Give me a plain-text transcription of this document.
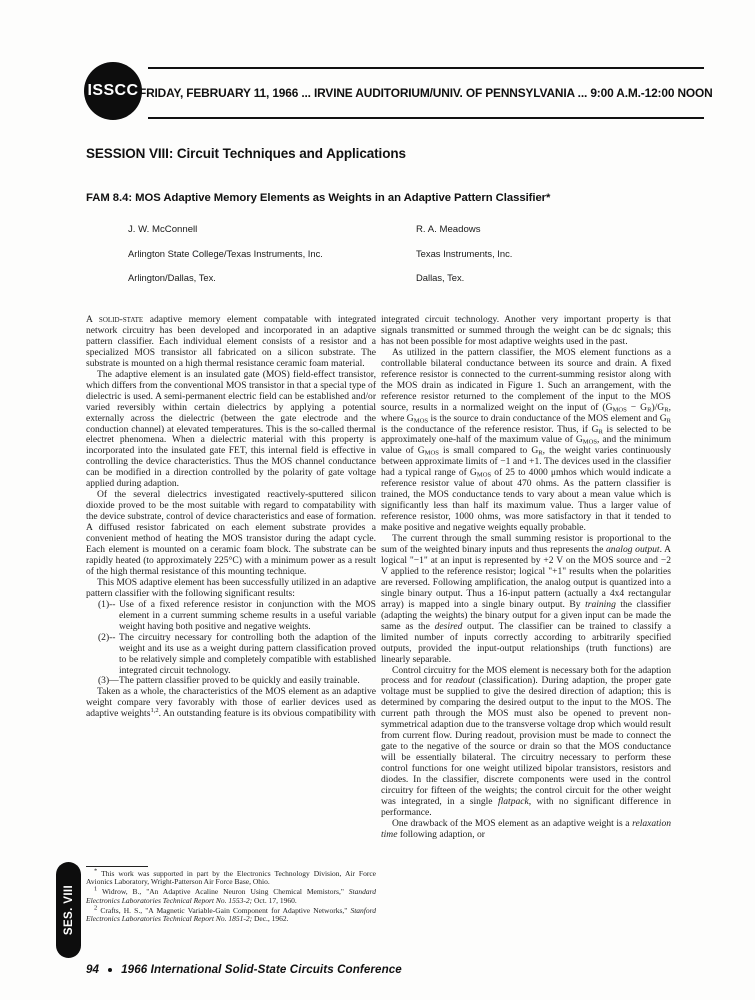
ISSCC FRIDAY, FEBRUARY 11, 1966 ... IRVINE AUDITORIUM/UNIV. OF PENNSYLVANIA ... 9:00 A.M.-12:00 NOON
SESSION VIII: Circuit Techniques and Applications
FAM 8.4: MOS Adaptive Memory Elements as Weights in an Adaptive Pattern Classifier*
J. W. McConnell
Arlington State College/Texas Instruments, Inc.
Arlington/Dallas, Tex.
R. A. Meadows
Texas Instruments, Inc.
Dallas, Tex.

A solid-state adaptive memory element compatable with integrated network circuitry has been developed and incorporated in an adaptive pattern classifier. Each individual element consists of a resistor and a specialized MOS transistor all fabricated on a silicon substrate. The substrate is mounted on a high thermal resistance ceramic foam material.

The adaptive element is an insulated gate (MOS) field-effect transistor, which differs from the conventional MOS transistor in that a special type of dielectric is used. A semi-permanent electric field can be established and/or varied reversibly within certain dielectrics by applying a potential externally across the dielectric (between the gate electrode and the conduction channel) at elevated temperatures. This is the so-called thermal electret phenomena. When a dielectric material with this property is incorporated into the insulated gate FET, this internal field is effective in controlling the device characteristics. Thus the MOS channel conductance can be modified in a direction controlled by the polarity of gate voltage applied during adaption.

Of the several dielectrics investigated reactively-sputtered silicon dioxide proved to be the most suitable with regard to compatability with the device substrate, control of device characteristics and ease of formation. A diffused resistor fabricated on each element substrate provides a convenient method of heating the MOS transistor during the adapt cycle. Each element is mounted on a ceramic foam block. The substrate can be rapidly heated (to approximately 225°C) with a minimum power as a result of the high thermal resistance of this mounting technique.

This MOS adaptive element has been successfully utilized in an adaptive pattern classifier with the following significant results:

(1)-- Use of a fixed reference resistor in conjunction with the MOS element in a current summing scheme results in a useful variable weight having both positive and negative weights.
(2)-- The circuitry necessary for controlling both the adaption of the weight and its use as a weight during pattern classification proved to be relatively simple and completely compatible with established integrated circuit technology.
(3)— The pattern classifier proved to be quickly and easily trainable.

Taken as a whole, the characteristics of the MOS element as an adaptive weight compare very favorably with those of earlier devices used as adaptive weights$^{1,2}$. An outstanding feature is its obvious compatibility with

integrated circuit technology. Another very important property is that signals transmitted or summed through the weight can be dc signals; this has not been possible for most adaptive weights used in the past.

As utilized in the pattern classifier, the MOS element functions as a controllable bilateral conductance between its source and drain. A fixed reference resistor is connected to the current-summing resistor along with the MOS drain as indicated in Figure 1. Such an arrangement, with the reference resistor returned to the complement of the input to the MOS source, results in a normalized weight on the input of $(G_{MOS} - G_R)/G_R$, where $G_{MOS}$ is the source to drain conductance of the MOS element and $G_R$ is the conductance of the reference resistor. Thus, if $G_R$ is selected to be approximately one-half of the maximum value of $G_{MOS}$, and the minimum value of $G_{MOS}$ is small compared to $G_R$, the weight varies continuously between approximate limits of −1 and +1. The devices used in the classifier had a typical range of $G_{MOS}$ of 25 to 4000 μmhos which would indicate a reference resistor value of about 470 ohms. As the pattern classifier is trained, the MOS conductance tends to vary about a mean value which is significantly less than half its maximum value. Thus a larger value of reference resistor, 1000 ohms, was more satisfactory in that it tended to make positive and negative weights equally probable.

The current through the small summing resistor is proportional to the sum of the weighted binary inputs and thus represents the analog output. A logical "−1" at an input is represented by +2 V on the MOS source and −2 V applied to the reference resistor; logical "+1" results when the polarities are reversed. Following amplification, the analog output is quantized into a single binary output. Thus a 16-input pattern (actually a 4x4 rectangular array) is mapped into a single binary output. By training the classifier (adapting the weights) the binary output for a given input can be made the same as the desired output. The classifier can be trained to classify a limited number of inputs correctly according to arbitrarily specified outputs, provided the input-output relationships (truth functions) are linearly separable.

Control circuitry for the MOS element is necessary both for the adaption process and for readout (classification). During adaption, the proper gate voltage must be supplied to give the desired direction of adaption; this is determined by comparing the desired output to the input to the MOS. The current path through the MOS must also be opened to prevent non-symmetrical adaption due to the transverse voltage drop which would result from current flow. During readout, provision must be made to connect the gate to the negative of the source or drain so that the MOS conductance will be essentially bilateral. The circuitry necessary to perform these control functions for one weight utilized bipolar transistors, resistors and diodes. In the classifier, discrete components were used in the control circuitry for fifteen of the weights; the control circuit for the other weight was integrated, in a single flatpack, with no significant difference in performance.

One drawback of the MOS element as an adaptive weight is a relaxation time following adaption, or

* This work was supported in part by the Electronics Technology Division, Air Force Avionics Laboratory, Wright-Patterson Air Force Base, Ohio.

$^1$ Widrow, B., "An Adaptive Acaline Neuron Using Chemical Memistors," Standard Electronics Laboratories Technical Report No. 1553-2; Oct. 17, 1960.

$^2$ Crafts, H. S., "A Magnetic Variable-Gain Component for Adaptive Networks," Stanford Electronics Laboratories Technical Report No. 1851-2; Dec., 1962.

SES. VIII
94 1966 International Solid-State Circuits Conference
